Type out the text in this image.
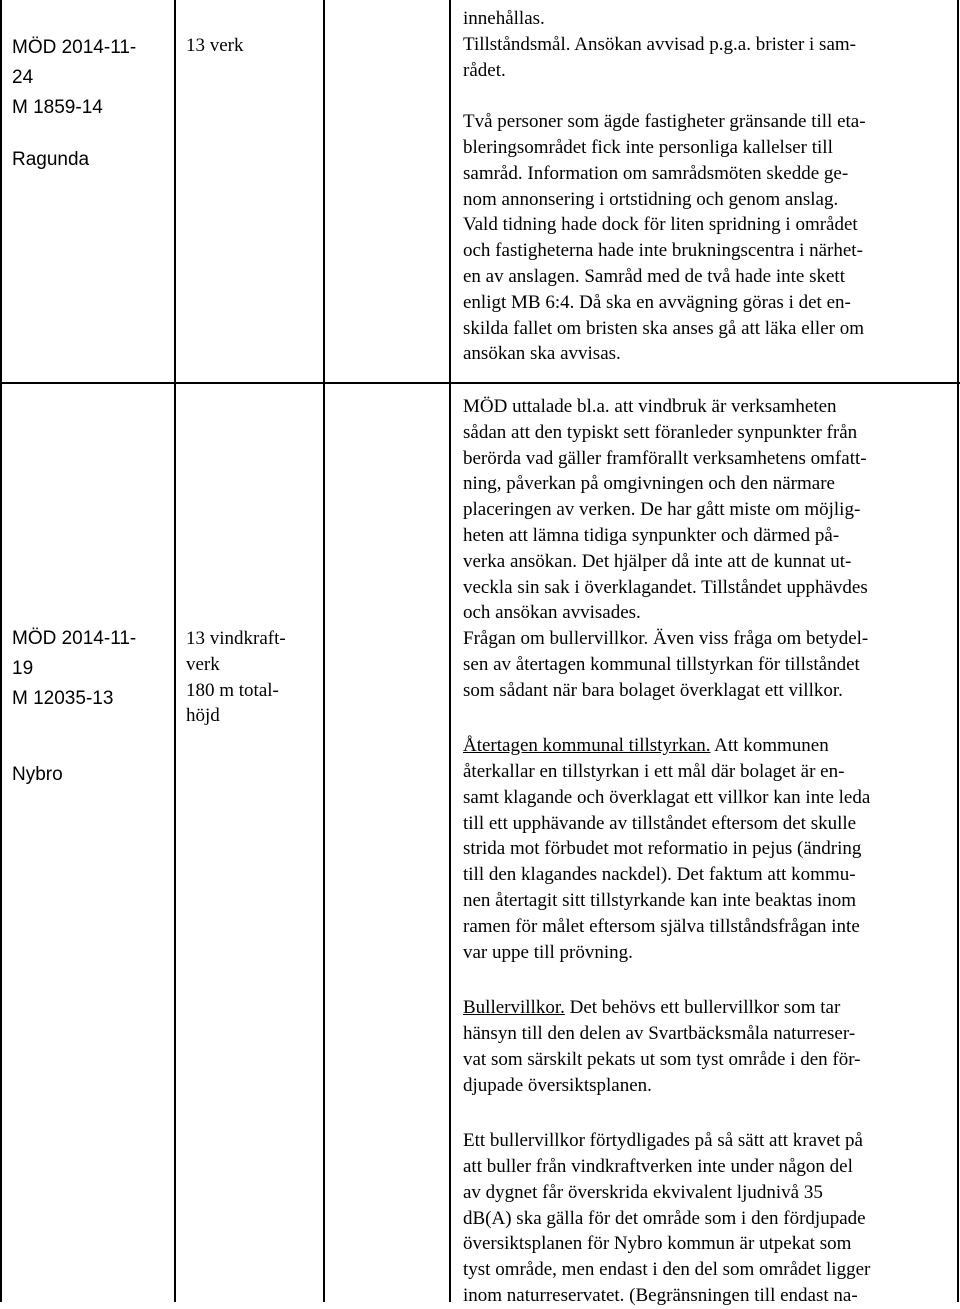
MÖD 2014-11-
24
M 1859-14
Ragunda
13 verk
innehållas.
Tillståndsmål. Ansökan avvisad p.g.a. brister i sam-
rådet.
Två personer som ägde fastigheter gränsande till eta-
bleringsområdet fick inte personliga kallelser till
samråd. Information om samrådsmöten skedde ge-
nom annonsering i ortstidning och genom anslag.
Vald tidning hade dock för liten spridning i området
och fastigheterna hade inte brukningscentra i närhet-
en av anslagen. Samråd med de två hade inte skett
enligt MB 6:4. Då ska en avvägning göras i det en-
skilda fallet om bristen ska anses gå att läka eller om
ansökan ska avvisas.
MÖD uttalade bl.a. att vindbruk är verksamheten
sådan att den typiskt sett föranleder synpunkter från
berörda vad gäller framförallt verksamhetens omfatt-
ning, påverkan på omgivningen och den närmare
placeringen av verken. De har gått miste om möjlig-
heten att lämna tidiga synpunkter och därmed på-
verka ansökan. Det hjälper då inte att de kunnat ut-
veckla sin sak i överklagandet. Tillståndet upphävdes
och ansökan avvisades.
MÖD 2014-11-
19
M 12035-13
Nybro
13 vindkraft-
verk
180 m total-
höjd
Frågan om bullervillkor. Även viss fråga om betydel-
sen av återtagen kommunal tillstyrkan för tillståndet
som sådant när bara bolaget överklagat ett villkor.
Återtagen kommunal tillstyrkan. Att kommunen
återkallar en tillstyrkan i ett mål där bolaget är en-
samt klagande och överklagat ett villkor kan inte leda
till ett upphävande av tillståndet eftersom det skulle
strida mot förbudet mot reformatio in pejus (ändring
till den klagandes nackdel). Det faktum att kommu-
nen återtagit sitt tillstyrkande kan inte beaktas inom
ramen för målet eftersom själva tillståndsfrågan inte
var uppe till prövning.
Bullervillkor. Det behövs ett bullervillkor som tar
hänsyn till den delen av Svartbäcksmåla naturreser-
vat som särskilt pekats ut som tyst område i den för-
djupade översiktsplanen.
Ett bullervillkor förtydligades på så sätt att kravet på
att buller från vindkraftverken inte under någon del
av dygnet får överskrida ekvivalent ljudnivå 35
dB(A) ska gälla för det område som i den fördjupade
översiktsplanen för Nybro kommun är utpekat som
tyst område, men endast i den del som området ligger
inom naturreservatet. (Begränsningen till endast na-
